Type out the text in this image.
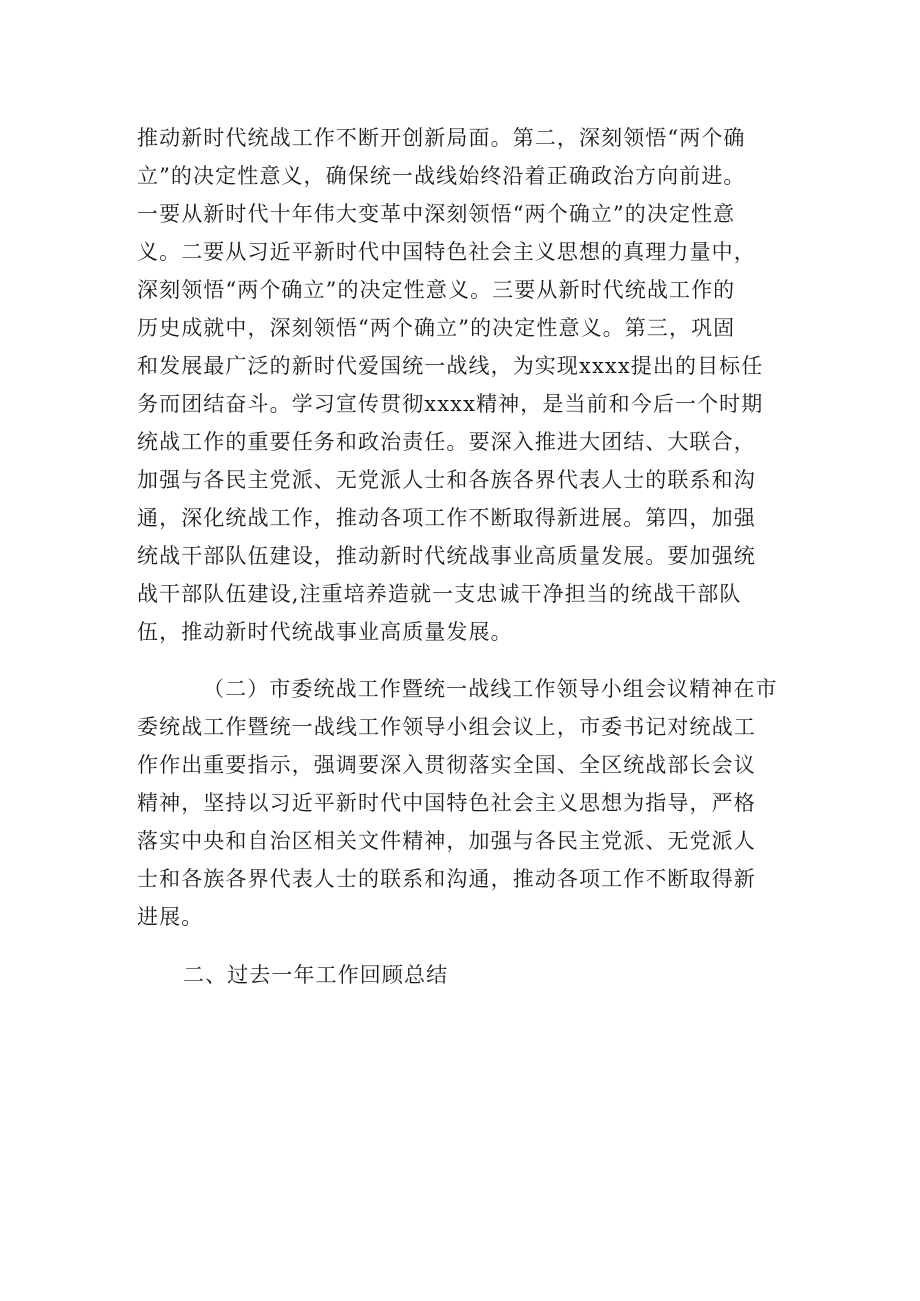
推动新时代统战工作不断开创新局面。第二，深刻领悟“两个确
立”的决定性意义，确保统一战线始终沿着正确政治方向前进。
一要从新时代十年伟大变革中深刻领悟“两个确立”的决定性意
义。二要从习近平新时代中国特色社会主义思想的真理力量中，
深刻领悟“两个确立”的决定性意义。三要从新时代统战工作的
历史成就中，深刻领悟“两个确立”的决定性意义。第三，巩固
和发展最广泛的新时代爱国统一战线，为实现xxxx提出的目标任
务而团结奋斗。学习宣传贯彻xxxx精神，是当前和今后一个时期
统战工作的重要任务和政治责任。要深入推进大团结、大联合，
加强与各民主党派、无党派人士和各族各界代表人士的联系和沟
通，深化统战工作，推动各项工作不断取得新进展。第四，加强
统战干部队伍建设，推动新时代统战事业高质量发展。要加强统
战干部队伍建设,注重培养造就一支忠诚干净担当的统战干部队
伍，推动新时代统战事业高质量发展。
（二）市委统战工作暨统一战线工作领导小组会议精神在市
委统战工作暨统一战线工作领导小组会议上，市委书记对统战工
作作出重要指示，强调要深入贯彻落实全国、全区统战部长会议
精神，坚持以习近平新时代中国特色社会主义思想为指导，严格
落实中央和自治区相关文件精神，加强与各民主党派、无党派人
士和各族各界代表人士的联系和沟通，推动各项工作不断取得新
进展。
二、过去一年工作回顾总结
